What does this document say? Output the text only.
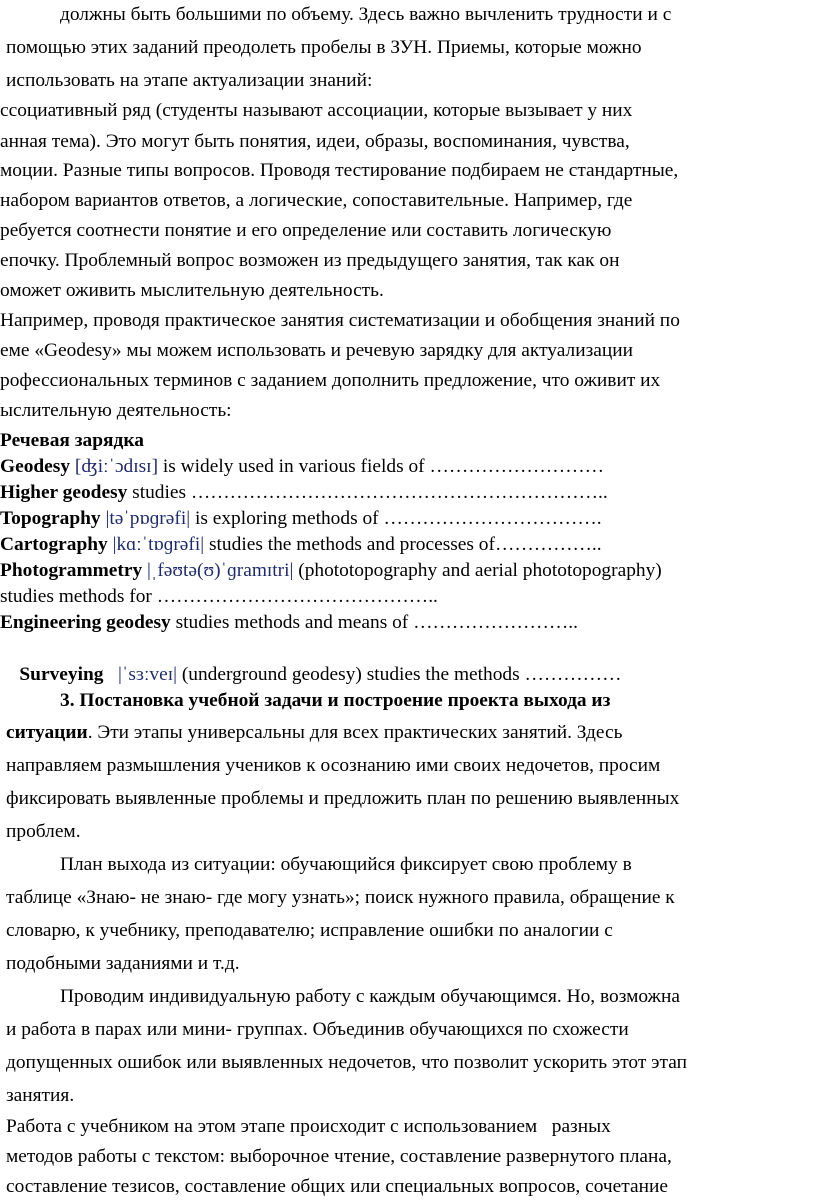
должны быть большими по объему. Здесь важно вычленить трудности и с
помощью этих заданий преодолеть пробелы в ЗУН. Приемы, которые можно
использовать на этапе актуализации знаний:
ссоциативный ряд (студенты называют ассоциации, которые вызывает у них
анная тема). Это могут быть понятия, идеи, образы, воспоминания, чувства,
моции. Разные типы вопросов. Проводя тестирование подбираем не стандартные,
набором вариантов ответов, а логические, сопоставительные. Например, где
ребуется соотнести понятие и его определение или составить логическую
епочку. Проблемный вопрос возможен из предыдущего занятия, так как он
оможет оживить мыслительную деятельность.
Например, проводя практическое занятия систематизации и обобщения знаний по
еме «Geodesy» мы можем использовать и речевую зарядку для актуализации
рофессиональных терминов с заданием дополнить предложение, что оживит их
ыслительную деятельность:
Речевая зарядка
Geodesy [ʤiːˈɔdɪsɪ] is widely used in various fields of ………………………
Higher geodesy studies ………………………………………………………..
Topography |təˈpɒɡrəfi| is exploring methods of …………………………….
Cartography |kɑːˈtɒɡrəfi| studies the methods and processes of……………..
Photogrammetry |ˌfəʊtə(ʊ)ˈɡramɪtri| (phototopography and aerial phototopography)
studies methods for ……………………………………..
Engineering geodesy studies methods and means of ……………………..

Surveying   |ˈsɜːveɪ| (underground geodesy) studies the methods ……………

3. Постановка учебной задачи и построение проекта выхода из
ситуации. Эти этапы универсальны для всех практических занятий. Здесь
направляем размышления учеников к осознанию ими своих недочетов, просим
фиксировать выявленные проблемы и предложить план по решению выявленных
проблем.
План выхода из ситуации: обучающийся фиксирует свою проблему в
таблице «Знаю- не знаю- где могу узнать»; поиск нужного правила, обращение к
словарю, к учебнику, преподавателю; исправление ошибки по аналогии с
подобными заданиями и т.д.
Проводим индивидуальную работу с каждым обучающимся. Но, возможна
и работа в парах или мини- группах. Объединив обучающихся по схожести
допущенных ошибок или выявленных недочетов, что позволит ускорить этот этап
занятия.
Работа с учебником на этом этапе происходит с использованием   разных
методов работы с текстом: выборочное чтение, составление развернутого плана,
составление тезисов, составление общих или специальных вопросов, сочетание
